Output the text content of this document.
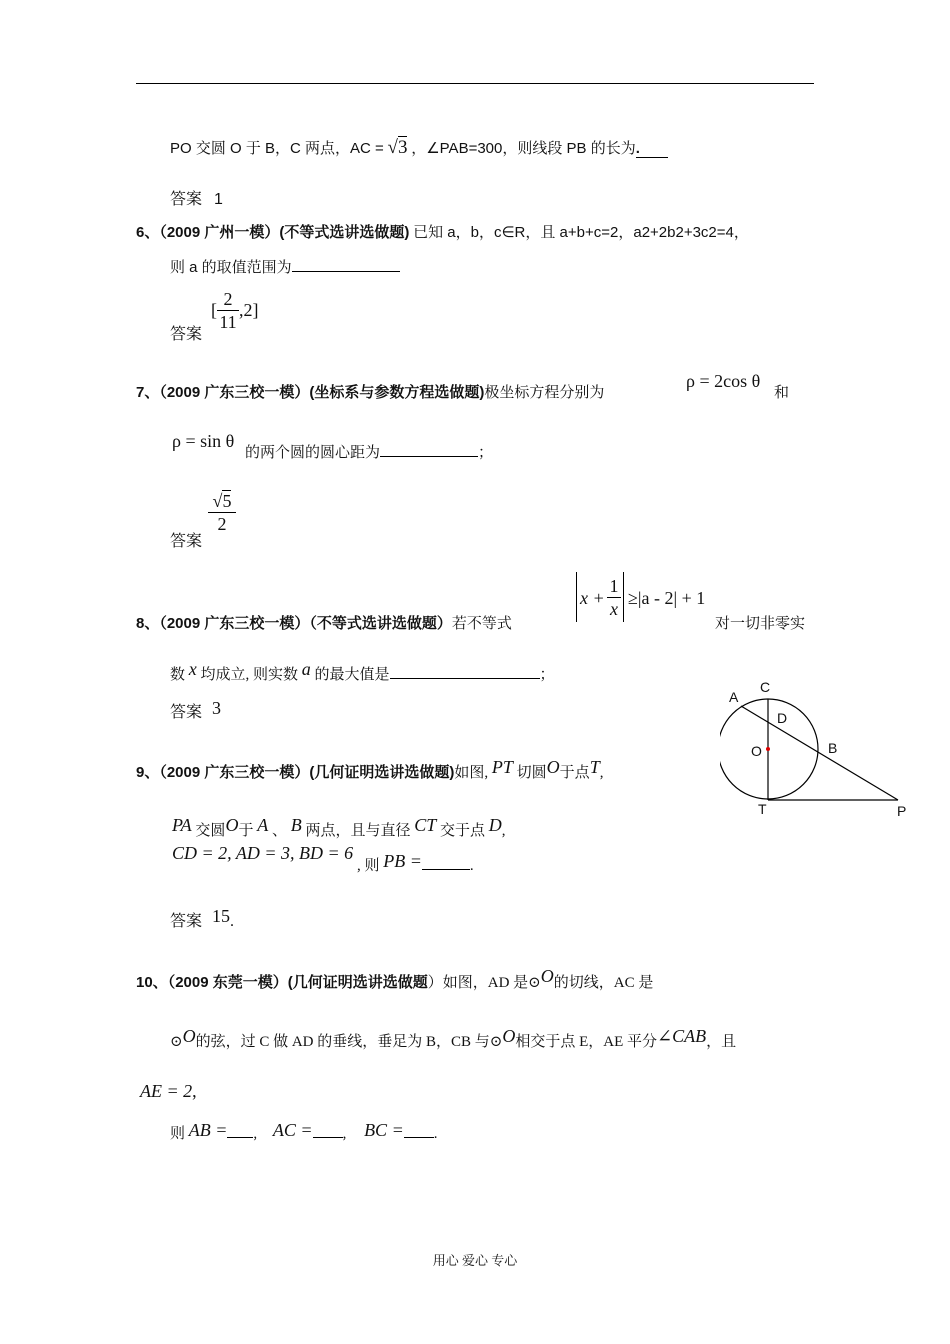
PO 交圆 O 于 B，C 两点，AC = √3 ，∠PAB=300，则线段 PB 的长为.
答案 1
6、（2009 广州一模）(不等式选讲选做题) 已知 a，b，c∈R，且 a+b+c=2，a2+2b2+3c2=4，
则 a 的取值范围为
答案
[
2
11
,2]
7、（2009 广东三校一模）(坐标系与参数方程选做题)极坐标方程分别为
ρ = 2cos θ
和
ρ = sin θ
的两个圆的圆心距为	；
答案
√5
2
8、（2009 广东三校一模）（不等式选讲选做题）若不等式
x +
1
x
≥|a - 2| + 1
对一切非零实
数 x 均成立, 则实数 a 的最大值是	；
答案 3
9、（2009 广东三校一模）(几何证明选讲选做题)如图, PT 切圆O于点T,
PA 交圆O于 A 、 B 两点，且与直径 CT 交于点 D,
CD = 2, AD = 3, BD = 6
, 则 PB =	.
答案 15.
A
C
D
O	B
T	P
10、（2009 东莞一模）(几何证明选讲选做题）如图，AD 是⊙O的切线，AC 是
⊙O的弦，过 C 做 AD 的垂线，垂足为 B，CB 与⊙O相交于点 E，AE 平分∠CAB，且
AE = 2,
则 AB = , AC = , BC = .
用心 爱心 专心
